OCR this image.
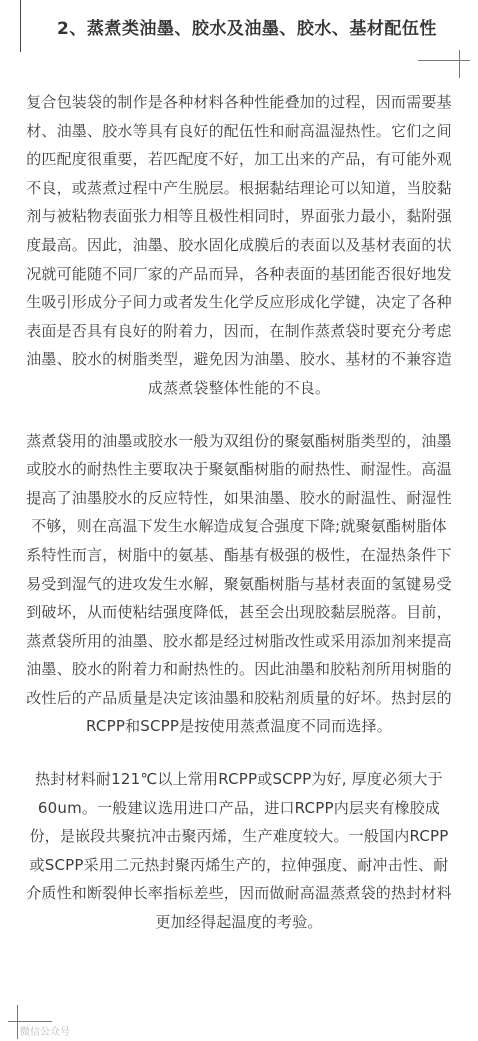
2、蒸煮类油墨、胶水及油墨、胶水、基材配伍性

复合包装袋的制作是各种材料各种性能叠加的过程，因而需要基材、油墨、胶水等具有良好的配伍性和耐高温湿热性。它们之间的匹配度很重要，若匹配度不好，加工出来的产品，有可能外观不良，或蒸煮过程中产生脱层。根据黏结理论可以知道，当胶黏剂与被粘物表面张力相等且极性相同时，界面张力最小，黏附强度最高。因此，油墨、胶水固化成膜后的表面以及基材表面的状况就可能随不同厂家的产品而异，各种表面的基团能否很好地发生吸引形成分子间力或者发生化学反应形成化学键，决定了各种表面是否具有良好的附着力，因而，在制作蒸煮袋时要充分考虑油墨、胶水的树脂类型，避免因为油墨、胶水、基材的不兼容造成蒸煮袋整体性能的不良。

蒸煮袋用的油墨或胶水一般为双组份的聚氨酯树脂类型的，油墨或胶水的耐热性主要取决于聚氨酯树脂的耐热性、耐湿性。高温提高了油墨胶水的反应特性，如果油墨、胶水的耐温性、耐湿性不够，则在高温下发生水解造成复合强度下降;就聚氨酯树脂体系特性而言，树脂中的氨基、酯基有极强的极性，在湿热条件下易受到湿气的进攻发生水解，聚氨酯树脂与基材表面的氢键易受到破坏，从而使粘结强度降低，甚至会出现胶黏层脱落。目前，蒸煮袋所用的油墨、胶水都是经过树脂改性或采用添加剂来提高油墨、胶水的附着力和耐热性的。因此油墨和胶粘剂所用树脂的改性后的产品质量是决定该油墨和胶粘剂质量的好坏。热封层的RCPP和SCPP是按使用蒸煮温度不同而选择。

热封材料耐121℃以上常用RCPP或SCPP为好, 厚度必须大于60um。一般建议选用进口产品，进口RCPP内层夹有橡胶成份，是嵌段共聚抗冲击聚丙烯，生产难度较大。一般国内RCPP或SCPP采用二元热封聚丙烯生产的，拉伸强度、耐冲击性、耐介质性和断裂伸长率指标差些，因而做耐高温蒸煮袋的热封材料更加经得起温度的考验。

微信公众号
